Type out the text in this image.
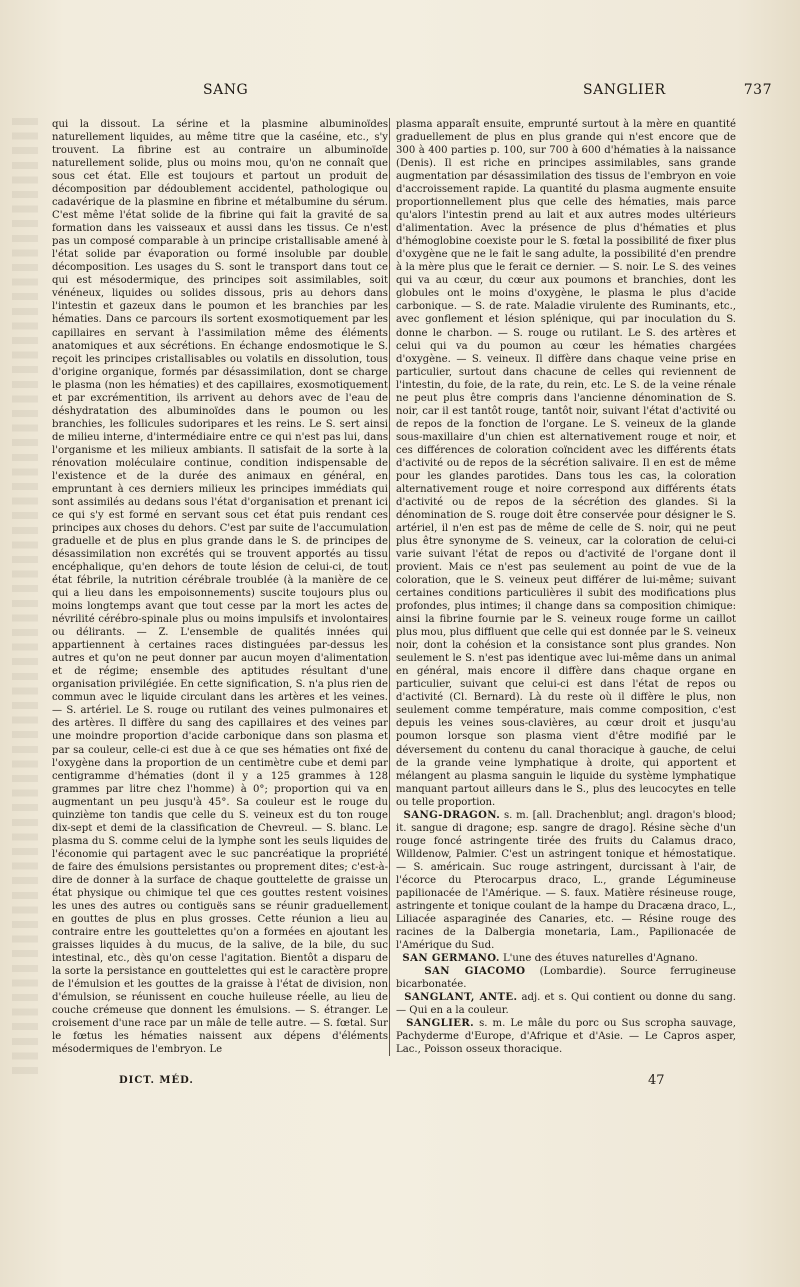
SANG	SANGLIER	737

qui la dissout. La sérine et la plasmine albuminoïdes naturellement liquides, au même titre que la caséine, etc., s'y trouvent. La fibrine est au contraire un albuminoïde naturellement solide, plus ou moins mou, qu'on ne connaît que sous cet état. Elle est toujours et partout un produit de décomposition par dédoublement accidentel, pathologique ou cadavérique de la plasmine en fibrine et métalbumine du sérum. C'est même l'état solide de la fibrine qui fait la gravité de sa formation dans les vaisseaux et aussi dans les tissus. Ce n'est pas un composé comparable à un principe cristallisable amené à l'état solide par évaporation ou formé insoluble par double décomposition. Les usages du S. sont le transport dans tout ce qui est mésodermique, des principes soit assimilables, soit vénéneux, liquides ou solides dissous, pris au dehors dans l'intestin et gazeux dans le poumon et les branchies par les hématies. Dans ce parcours ils sortent exosmotiquement par les capillaires en servant à l'assimilation même des éléments anatomiques et aux sécrétions. En échange endosmotique le S. reçoit les principes cristallisables ou volatils en dissolution, tous d'origine organique, formés par désassimilation, dont se charge le plasma (non les hématies) et des capillaires, exosmotiquement et par excrémentition, ils arrivent au dehors avec de l'eau de déshydratation des albuminoïdes dans le poumon ou les branchies, les follicules sudoripares et les reins. Le S. sert ainsi de milieu interne, d'intermédiaire entre ce qui n'est pas lui, dans l'organisme et les milieux ambiants. Il satisfait de la sorte à la rénovation moléculaire continue, condition indispensable de l'existence et de la durée des animaux en général, en empruntant à ces derniers milieux les principes immédiats qui sont assimilés au dedans sous l'état d'organisation et prenant ici ce qui s'y est formé en servant sous cet état puis rendant ces principes aux choses du dehors. C'est par suite de l'accumulation graduelle et de plus en plus grande dans le S. de principes de désassimilation non excrétés qui se trouvent apportés au tissu encéphalique, qu'en dehors de toute lésion de celui-ci, de tout état fébrile, la nutrition cérébrale troublée (à la manière de ce qui a lieu dans les empoisonnements) suscite toujours plus ou moins longtemps avant que tout cesse par la mort les actes de névrilité cérébro-spinale plus ou moins impulsifs et involontaires ou délirants. — Z. L'ensemble de qualités innées qui appartiennent à certaines races distinguées par-dessus les autres et qu'on ne peut donner par aucun moyen d'alimentation et de régime; ensemble des aptitudes résultant d'une organisation privilégiée. En cette signification, S. n'a plus rien de commun avec le liquide circulant dans les artères et les veines. — S. artériel. Le S. rouge ou rutilant des veines pulmonaires et des artères. Il diffère du sang des capillaires et des veines par une moindre proportion d'acide carbonique dans son plasma et par sa couleur, celle-ci est due à ce que ses hématies ont fixé de l'oxygène dans la proportion de un centimètre cube et demi par centigramme d'hématies (dont il y a 125 grammes à 128 grammes par litre chez l'homme) à 0°; proportion qui va en augmentant un peu jusqu'à 45°. Sa couleur est le rouge du quinzième ton tandis que celle du S. veineux est du ton rouge dix-sept et demi de la classification de Chevreul. — S. blanc. Le plasma du S. comme celui de la lymphe sont les seuls liquides de l'économie qui partagent avec le suc pancréatique la propriété de faire des émulsions persistantes ou proprement dites; c'est-à-dire de donner à la surface de chaque gouttelette de graisse un état physique ou chimique tel que ces gouttes restent voisines les unes des autres ou contiguës sans se réunir graduellement en gouttes de plus en plus grosses. Cette réunion a lieu au contraire entre les gouttelettes qu'on a formées en ajoutant les graisses liquides à du mucus, de la salive, de la bile, du suc intestinal, etc., dès qu'on cesse l'agitation. Bientôt a disparu de la sorte la persistance en gouttelettes qui est le caractère propre de l'émulsion et les gouttes de la graisse à l'état de division, non d'émulsion, se réunissent en couche huileuse réelle, au lieu de couche crémeuse que donnent les émulsions. — S. étranger. Le croisement d'une race par un mâle de telle autre. — S. fœtal. Sur le fœtus les hématies naissent aux dépens d'éléments mésodermiques de l'embryon. Le

plasma apparaît ensuite, emprunté surtout à la mère en quantité graduellement de plus en plus grande qui n'est encore que de 300 à 400 parties p. 100, sur 700 à 600 d'hématies à la naissance (Denis). Il est riche en principes assimilables, sans grande augmentation par désassimilation des tissus de l'embryon en voie d'accroissement rapide. La quantité du plasma augmente ensuite proportionnellement plus que celle des hématies, mais parce qu'alors l'intestin prend au lait et aux autres modes ultérieurs d'alimentation. Avec la présence de plus d'hématies et plus d'hémoglobine coexiste pour le S. fœtal la possibilité de fixer plus d'oxygène que ne le fait le sang adulte, la possibilité d'en prendre à la mère plus que le ferait ce dernier. — S. noir. Le S. des veines qui va au cœur, du cœur aux poumons et branchies, dont les globules ont le moins d'oxygène, le plasma le plus d'acide carbonique. — S. de rate. Maladie virulente des Ruminants, etc., avec gonflement et lésion splénique, qui par inoculation du S. donne le charbon. — S. rouge ou rutilant. Le S. des artères et celui qui va du poumon au cœur les hématies chargées d'oxygène. — S. veineux. Il diffère dans chaque veine prise en particulier, surtout dans chacune de celles qui reviennent de l'intestin, du foie, de la rate, du rein, etc. Le S. de la veine rénale ne peut plus être compris dans l'ancienne dénomination de S. noir, car il est tantôt rouge, tantôt noir, suivant l'état d'activité ou de repos de la fonction de l'organe. Le S. veineux de la glande sous-maxillaire d'un chien est alternativement rouge et noir, et ces différences de coloration coïncident avec les différents états d'activité ou de repos de la sécrétion salivaire. Il en est de même pour les glandes parotides. Dans tous les cas, la coloration alternativement rouge et noire correspond aux différents états d'activité ou de repos de la sécrétion des glandes. Si la dénomination de S. rouge doit être conservée pour désigner le S. artériel, il n'en est pas de même de celle de S. noir, qui ne peut plus être synonyme de S. veineux, car la coloration de celui-ci varie suivant l'état de repos ou d'activité de l'organe dont il provient. Mais ce n'est pas seulement au point de vue de la coloration, que le S. veineux peut différer de lui-même; suivant certaines conditions particulières il subit des modifications plus profondes, plus intimes; il change dans sa composition chimique: ainsi la fibrine fournie par le S. veineux rouge forme un caillot plus mou, plus diffluent que celle qui est donnée par le S. veineux noir, dont la cohésion et la consistance sont plus grandes. Non seulement le S. n'est pas identique avec lui-même dans un animal en général, mais encore il diffère dans chaque organe en particulier, suivant que celui-ci est dans l'état de repos ou d'activité (Cl. Bernard). Là du reste où il diffère le plus, non seulement comme température, mais comme composition, c'est depuis les veines sous-clavières, au cœur droit et jusqu'au poumon lorsque son plasma vient d'être modifié par le déversement du contenu du canal thoracique à gauche, de celui de la grande veine lymphatique à droite, qui apportent et mélangent au plasma sanguin le liquide du système lymphatique manquant partout ailleurs dans le S., plus des leucocytes en telle ou telle proportion.

SANG-DRAGON. s. m. [all. Drachenblut; angl. dragon's blood; it. sangue di dragone; esp. sangre de drago]. Résine sèche d'un rouge foncé astringente tirée des fruits du Calamus draco, Willdenow, Palmier. C'est un astringent tonique et hémostatique. — S. américain. Suc rouge astringent, durcissant à l'air, de l'écorce du Pterocarpus draco, L., grande Légumineuse papilionacée de l'Amérique. — S. faux. Matière résineuse rouge, astringente et tonique coulant de la hampe du Dracæna draco, L., Liliacée asparaginée des Canaries, etc. — Résine rouge des racines de la Dalbergia monetaria, Lam., Papilionacée de l'Amérique du Sud.

SAN GERMANO. L'une des étuves naturelles d'Agnano.

SAN GIACOMO (Lombardie). Source ferrugineuse bicarbonatée.

SANGLANT, ANTE. adj. et s. Qui contient ou donne du sang. — Qui en a la couleur.

SANGLIER. s. m. Le mâle du porc ou Sus scropha sauvage, Pachyderme d'Europe, d'Afrique et d'Asie. — Le Capros asper, Lac., Poisson osseux thoracique.

DICT. MÉD.	47
